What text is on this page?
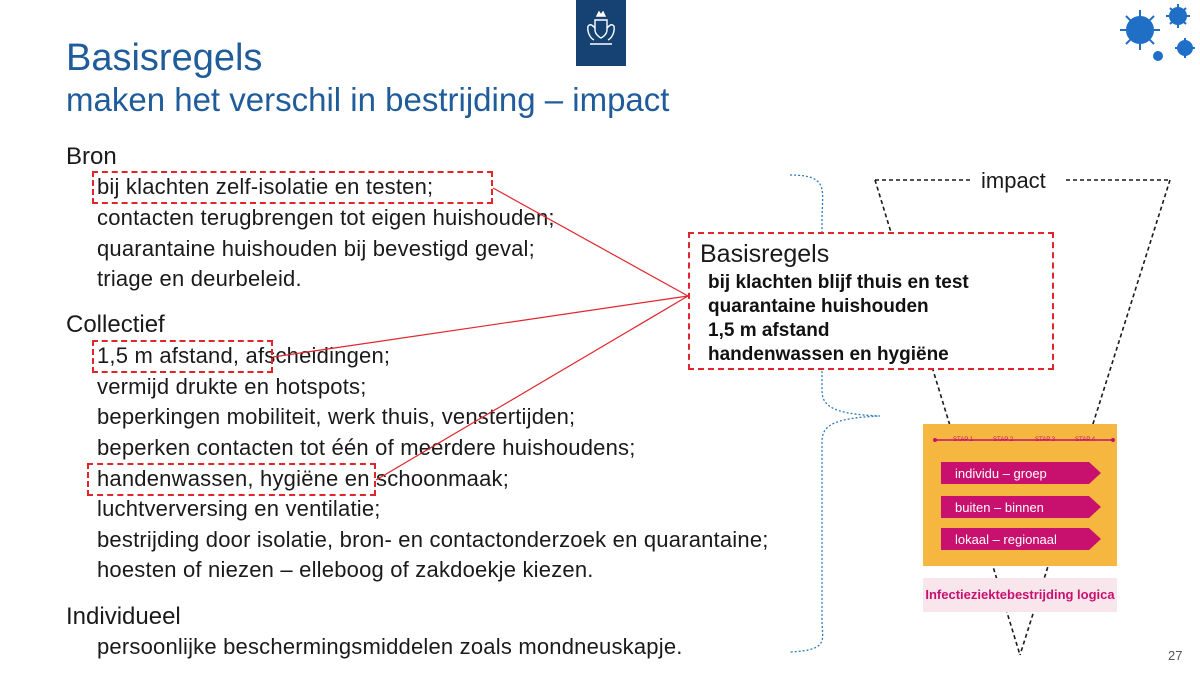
Basisregels
maken het verschil in bestrijding – impact
Bron
bij klachten zelf-isolatie en testen;
contacten terugbrengen tot eigen huishouden;
quarantaine huishouden bij bevestigd geval;
triage en deurbeleid.
Collectief
1,5 m afstand, afscheidingen;
vermijd drukte en hotspots;
beperkingen mobiliteit, werk thuis, venstertijden;
beperken contacten tot één of meerdere huishoudens;
handenwassen, hygiëne en schoonmaak;
luchtverversing en ventilatie;
bestrijding door isolatie, bron- en contactonderzoek en quarantaine;
hoesten of niezen – elleboog of zakdoekje kiezen.
Individueel
persoonlijke beschermingsmiddelen zoals mondneuskapje.
impact
Basisregels
bij klachten blijf thuis en test
quarantaine huishouden
1,5 m afstand
handenwassen en hygiëne
STAP 1	STAP 2	STAP 3	STAP 4
individu – groep
buiten – binnen
lokaal – regionaal
Infectieziektebestrijding logica
27
